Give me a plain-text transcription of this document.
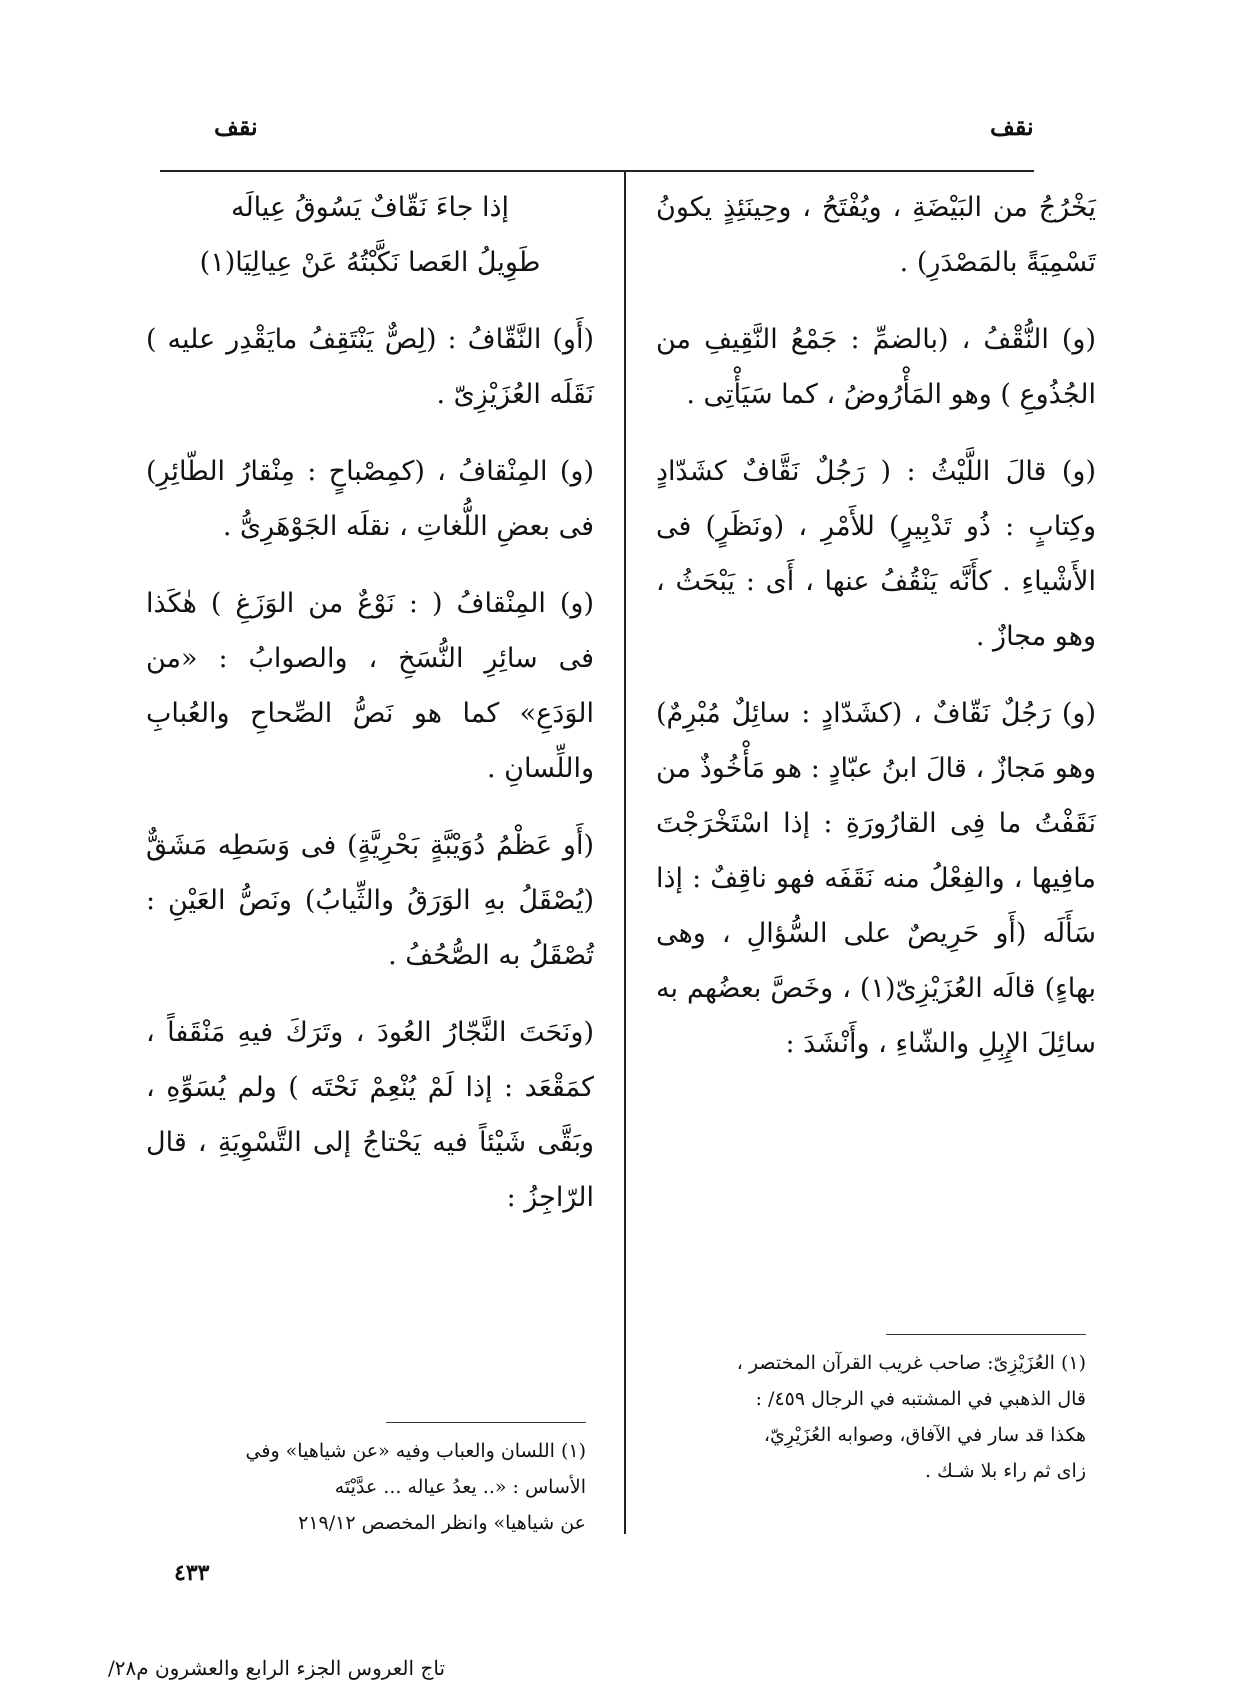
نقف	نقف

يَخْرُجُ من البَيْضَةِ ، ويُفْتَحُ ، وحِينَئِذٍ يكونُ تَسْمِيَةً بالمَصْدَرِ) .

(و) النُّقْفُ ، (بالضمِّ : جَمْعُ النَّقِيفِ من الجُذُوعِ ) وهو المَأْرُوضُ ، كما سَيَأْتِى .

(و) قالَ اللَّيْثُ : ( رَجُلٌ نَقَّافٌ كشَدّادٍ وكِتابٍ : ذُو تَدْبِيرٍ) للأَمْرِ ، (ونَظَرٍ) فى الأَشْياءِ . كأَنَّه يَنْقُفُ عنها ، أَى : يَبْحَثُ ، وهو مجازٌ .

(و) رَجُلٌ نَقّافٌ ، (كشَدّادٍ : سائِلٌ مُبْرِمٌ) وهو مَجازٌ ، قالَ ابنُ عبّادٍ : هو مَأْخُوذٌ من نَقَفْتُ ما فِى القارُورَةِ : إذا اسْتَخْرَجْتَ مافِيها ، والفِعْلُ منه نَقَفَه فهو ناقِفٌ : إذا سَأَلَه (أَو حَرِيصٌ على السُّؤالِ ، وهى بهاءٍ) قالَه العُزَيْزِىّ(١) ، وخَصَّ بعضُهم به سائِلَ الإِبِلِ والشّاءِ ، وأَنْشَدَ :

إذا جاءَ نَقّافٌ يَسُوقُ عِيالَه

طَوِيلُ العَصا نَكَّبْتُهُ عَنْ عِيالِيَا(١)

(أَو) النَّقّافُ : (لِصٌّ يَنْتَقِفُ مايَقْدِر عليه ) نَقَلَه العُزَيْزِىّ .

(و) المِنْقافُ ، (كمِصْباحٍ : مِنْقارُ الطّائِرِ) فى بعضِ اللُّغاتِ ، نقلَه الجَوْهَرِىُّ .

(و) المِنْقافُ ( : نَوْعٌ من الوَزَغِ ) هٰكَذا فى سائِرِ النُّسَخِ ، والصوابُ : «من الوَدَعِ» كما هو نَصُّ الصِّحاحِ والعُبابِ واللِّسانِ .

(أَو عَظْمُ دُوَيْبَّةٍ بَحْرِيَّةٍ) فى وَسَطِه مَشَقٌّ (يُصْقَلُ بهِ الوَرَقُ والثِّيابُ) ونَصُّ العَيْنِ : تُصْقَلُ به الصُّحُفُ .

(ونَحَتَ النَّجّارُ العُودَ ، وتَرَكَ فيهِ مَنْقَفاً ، كمَقْعَد : إذا لَمْ يُنْعِمْ نَحْتَه ) ولم يُسَوِّهِ ، وبَقَّى شَيْئاً فيه يَحْتاجُ إلى التَّسْوِيَةِ ، قال الرّاجِزُ :

(١) العُزَيْزِىّ: صاحب غريب القرآن المختصر ،

قال الذهبي في المشتبه في الرجال ٤٥٩/ :

هكذا قد سار في الآفاق، وصوابه العُزَيْرِيّ،

زاى ثم راء بلا شـك .

(١) اللسان والعباب وفيه «عن شياهيا» وفي

الأساس : «.. يعدُ عياله ... عدَّيْتَه

عن شياهيا» وانظر المخصص ٢١٩/١٢

٤٣٣
تاج العروس الجزء الرابع والعشرون م٢٨/
